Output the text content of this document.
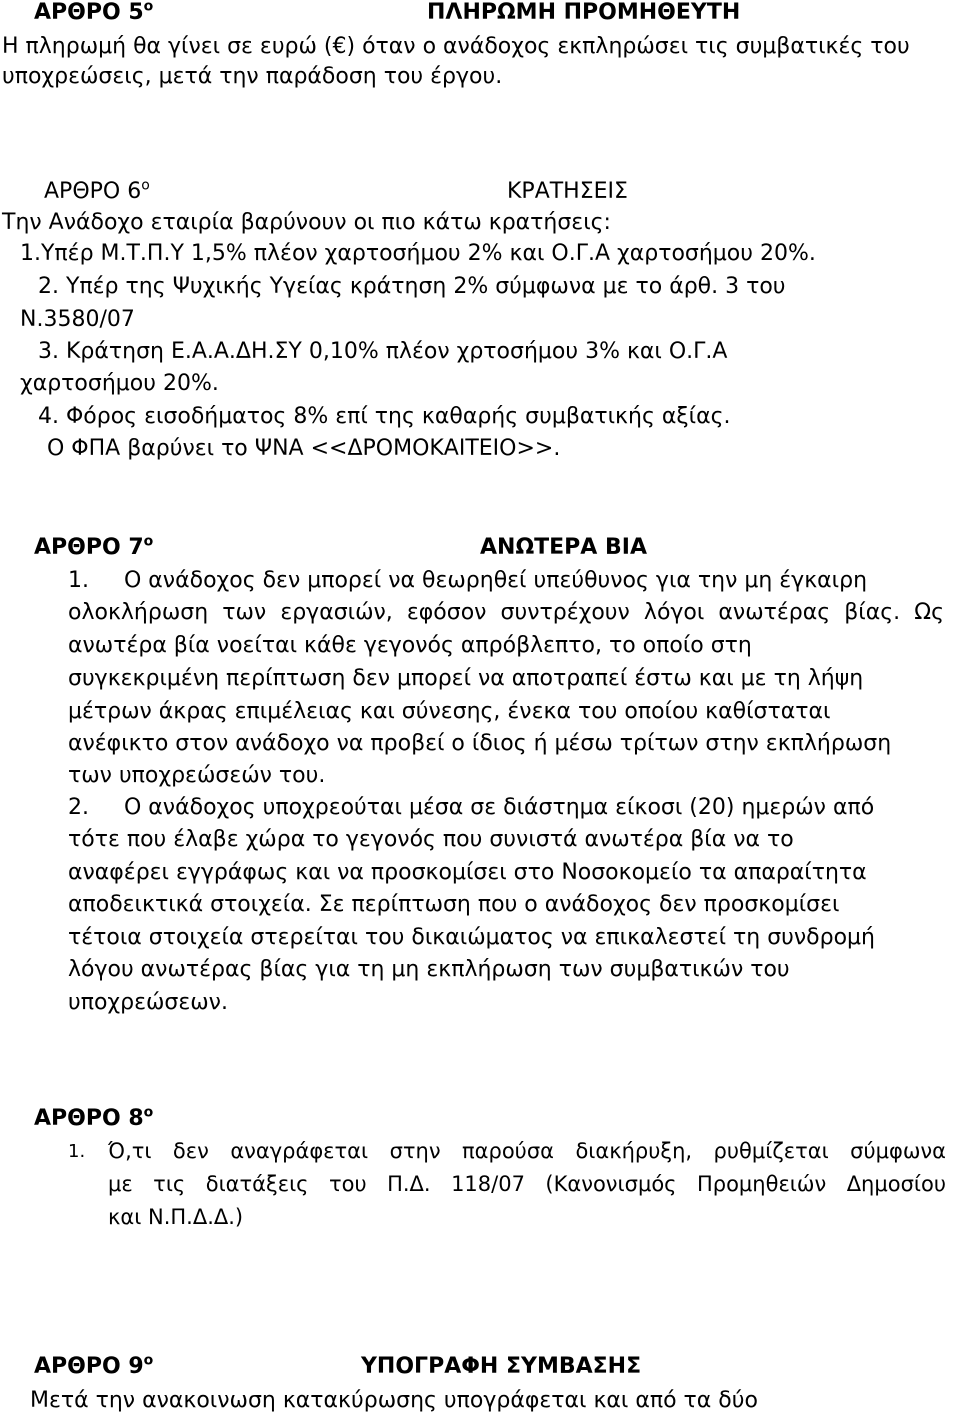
ΑΡΘΡΟ $5^o$	ΠΛΗΡΩΜΗ ΠΡΟΜΗΘΕΥΤΗ
Η πληρωμή θα γίνει σε ευρώ (€) όταν ο ανάδοχος εκπληρώσει τις συμβατικές του
υποχρεώσεις, μετά την παράδοση του έργου.
ΑΡΘΡΟ $6^o$	ΚΡΑΤΗΣΕΙΣ
Την Ανάδοχο εταιρία βαρύνουν οι πιο κάτω κρατήσεις:
1.Υπέρ Μ.Τ.Π.Υ 1,5% πλέον χαρτοσήμου 2% και Ο.Γ.Α χαρτοσήμου 20%.
2. Υπέρ της Ψυχικής Υγείας κράτηση 2% σύμφωνα με το άρθ. 3 του
Ν.3580/07
3. Κράτηση Ε.Α.Α.ΔΗ.ΣΥ 0,10% πλέον χρτοσήμου 3% και Ο.Γ.Α
χαρτοσήμου 20%.
4. Φόρος εισοδήματος 8% επί της καθαρής συμβατικής αξίας.
Ο ΦΠΑ βαρύνει το ΨΝΑ <<ΔΡΟΜΟΚΑΙΤΕΙΟ>>.
ΑΡΘΡΟ $7^o$	ΑΝΩΤΕΡΑ ΒΙΑ
1. Ο ανάδοχος δεν μπορεί να θεωρηθεί υπεύθυνος για την μη έγκαιρη
ολοκλήρωση των εργασιών, εφόσον συντρέχουν λόγοι ανωτέρας βίας. Ως
ανωτέρα βία νοείται κάθε γεγονός απρόβλεπτο, το οποίο στη
συγκεκριμένη περίπτωση δεν μπορεί να αποτραπεί έστω και με τη λήψη
μέτρων άκρας επιμέλειας και σύνεσης, ένεκα του οποίου καθίσταται
ανέφικτο στον ανάδοχο να προβεί ο ίδιος ή μέσω τρίτων στην εκπλήρωση
των υποχρεώσεών του.
2. Ο ανάδοχος υποχρεούται μέσα σε διάστημα είκοσι (20) ημερών από
τότε που έλαβε χώρα το γεγονός που συνιστά ανωτέρα βία να το
αναφέρει εγγράφως και να προσκομίσει στο Νοσοκομείο τα απαραίτητα
αποδεικτικά στοιχεία. Σε περίπτωση που ο ανάδοχος δεν προσκομίσει
τέτοια στοιχεία στερείται του δικαιώματος να επικαλεστεί τη συνδρομή
λόγου ανωτέρας βίας για τη μη εκπλήρωση των συμβατικών του
υποχρεώσεων.
ΑΡΘΡΟ $8^o$
1. Ό,τι δεν αναγράφεται στην παρούσα διακήρυξη, ρυθμίζεται σύμφωνα
με τις διατάξεις του Π.Δ. 118/07 (Κανονισμός Προμηθειών Δημοσίου
και Ν.Π.Δ.Δ.)
ΑΡΘΡΟ $9^o$	ΥΠΟΓΡΑΦΗ ΣΥΜΒΑΣΗΣ
Μετά την ανακοινωση κατακύρωσης υπογράφεται και από τα δύο
